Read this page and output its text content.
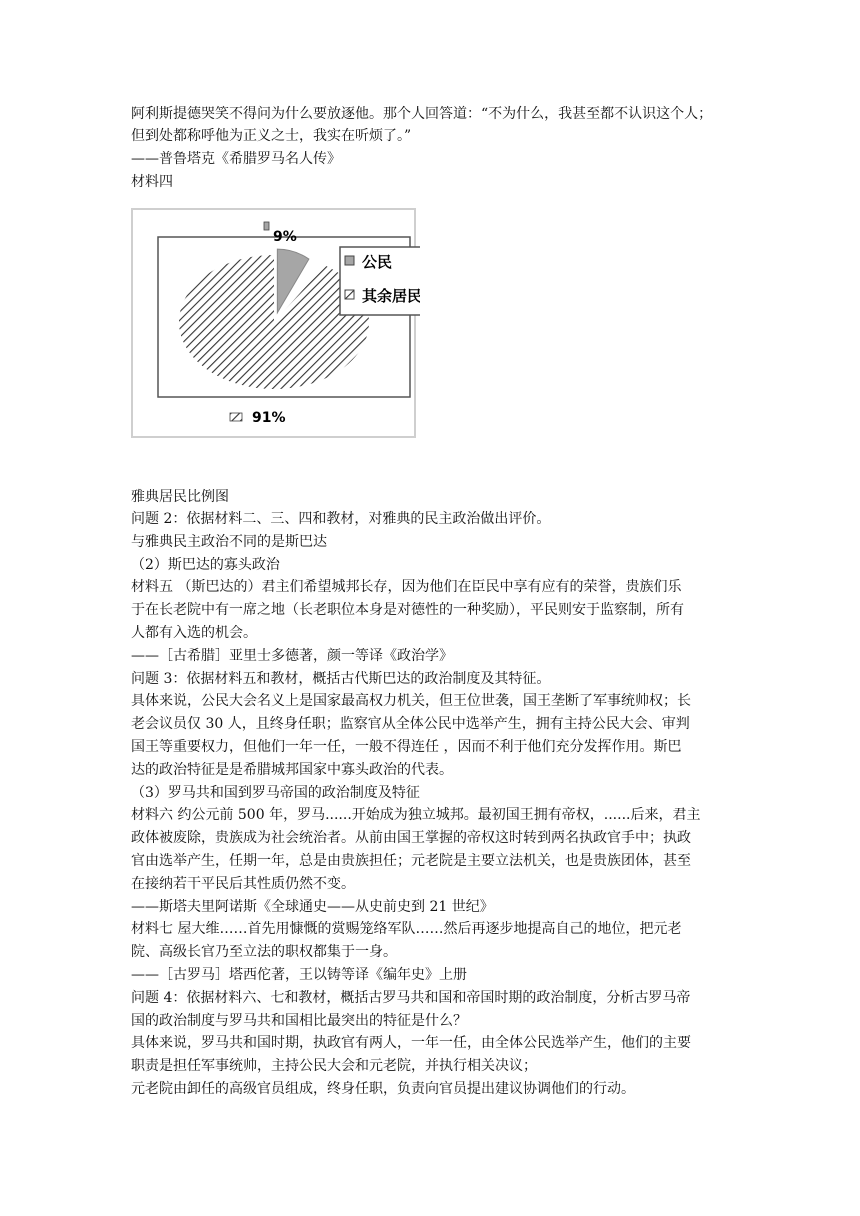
阿利斯提德哭笑不得问为什么要放逐他。那个人回答道：“不为什么，我甚至都不认识这个人；

但到处都称呼他为正义之士，我实在听烦了。”

——普鲁塔克《希腊罗马名人传》

材料四

公民
其余居民
9%
91%

雅典居民比例图

问题 2：依据材料二、三、四和教材，对雅典的民主政治做出评价。

与雅典民主政治不同的是斯巴达

（2）斯巴达的寡头政治

材料五 （斯巴达的）君主们希望城邦长存，因为他们在臣民中享有应有的荣誉，贵族们乐

于在长老院中有一席之地（长老职位本身是对德性的一种奖励），平民则安于监察制，所有

人都有入选的机会。

——［古希腊］亚里士多德著，颜一等译《政治学》

问题 3：依据材料五和教材，概括古代斯巴达的政治制度及其特征。

具体来说，公民大会名义上是国家最高权力机关，但王位世袭，国王垄断了军事统帅权；长

老会议员仅 30 人，且终身任职；监察官从全体公民中选举产生，拥有主持公民大会、审判

国王等重要权力，但他们一年一任，一般不得连任 ，因而不利于他们充分发挥作用。斯巴

达的政治特征是是希腊城邦国家中寡头政治的代表。

（3）罗马共和国到罗马帝国的政治制度及特征

材料六 约公元前 500 年，罗马......开始成为独立城邦。最初国王拥有帝权，......后来，君主

政体被废除，贵族成为社会统治者。从前由国王掌握的帝权这时转到两名执政官手中；执政

官由选举产生，任期一年，总是由贵族担任；元老院是主要立法机关，也是贵族团体，甚至

在接纳若干平民后其性质仍然不变。

——斯塔夫里阿诺斯《全球通史——从史前史到 21 世纪》

材料七 屋大维……首先用慷慨的赏赐笼络军队……然后再逐步地提高自己的地位，把元老

院、高级长官乃至立法的职权都集于一身。

——［古罗马］塔西佗著，王以铸等译《编年史》上册

问题 4：依据材料六、七和教材，概括古罗马共和国和帝国时期的政治制度，分析古罗马帝

国的政治制度与罗马共和国相比最突出的特征是什么？

具体来说，罗马共和国时期，执政官有两人，一年一任，由全体公民选举产生，他们的主要

职责是担任军事统帅，主持公民大会和元老院，并执行相关决议；

元老院由卸任的高级官员组成，终身任职，负责向官员提出建议协调他们的行动。
